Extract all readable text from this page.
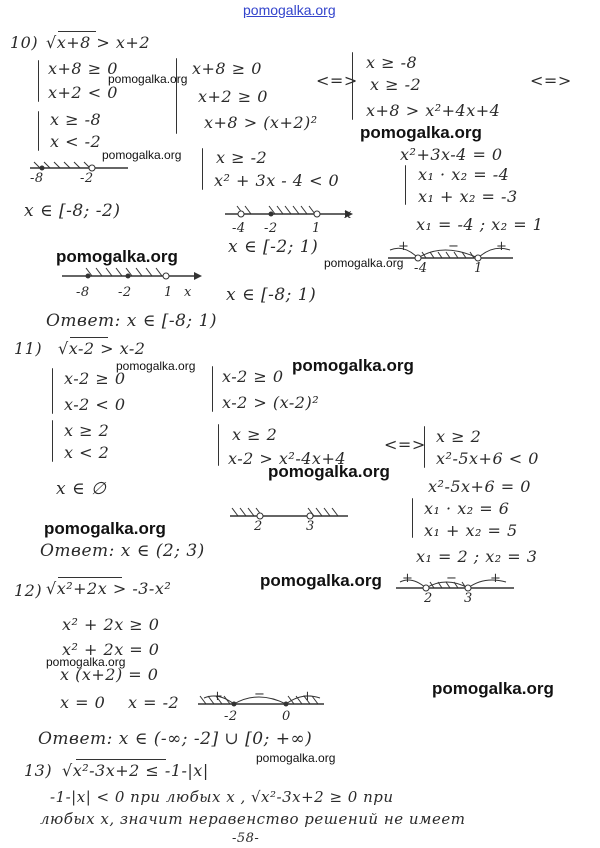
pomogalka.org
10) √x+8 > x+2
x+8 ≥ 0
x+2 < 0
x ≥ -8
x < -2
x+8 ≥ 0
x+2 ≥ 0
x+8 > (x+2)²
<=>
x ≥ -8
x ≥ -2
x+8 > x²+4x+4
<=>
x²+3x-4 = 0
x₁ · x₂ = -4
x₁ + x₂ = -3
x₁ = -4 ; x₂ = 1
x ≥ -2
x² + 3x - 4 < 0
-8	-2
x ∈ [-8; -2)
-4 -2	1
x
x ∈ [-2; 1)	+	−	+
-4	1
-8 -2 1 x x ∈ [-8; 1)
Ответ: x ∈ [-8; 1)
11) √x-2 > x-2
x-2 ≥ 0
x-2 < 0
x ≥ 2
x < 2
x ∈ ∅
x-2 ≥ 0
x-2 > (x-2)²
x ≥ 2
x-2 > x²-4x+4
<=> x ≥ 2
x²-5x+6 < 0
x²-5x+6 = 0
x₁ · x₂ = 6
x₁ + x₂ = 5
x₁ = 2 ; x₂ = 3
2	3
Ответ: x ∈ (2; 3)
+	−	+
2 3
12) √x²+2x > -3-x²
x² + 2x ≥ 0
x² + 2x = 0
x (x+2) = 0
x = 0 x = -2	+ −	+
-2	0
Ответ: x ∈ (-∞; -2] ∪ [0; +∞)
13) √x²-3x+2 ≤ -1-|x|
-1-|x| < 0 при любых x , √x²-3x+2 ≥ 0 при
любых x, значит неравенство решений не имеет
-58-
pomogalka.org
pomogalka.org
pomogalka.org
pomogalka.org	pomogalka.org
pomogalka.org
pomogalka.org
pomogalka.org
pomogalka.org
pomogalka.org
pomogalka.org
pomogalka.org
pomogalka.org
